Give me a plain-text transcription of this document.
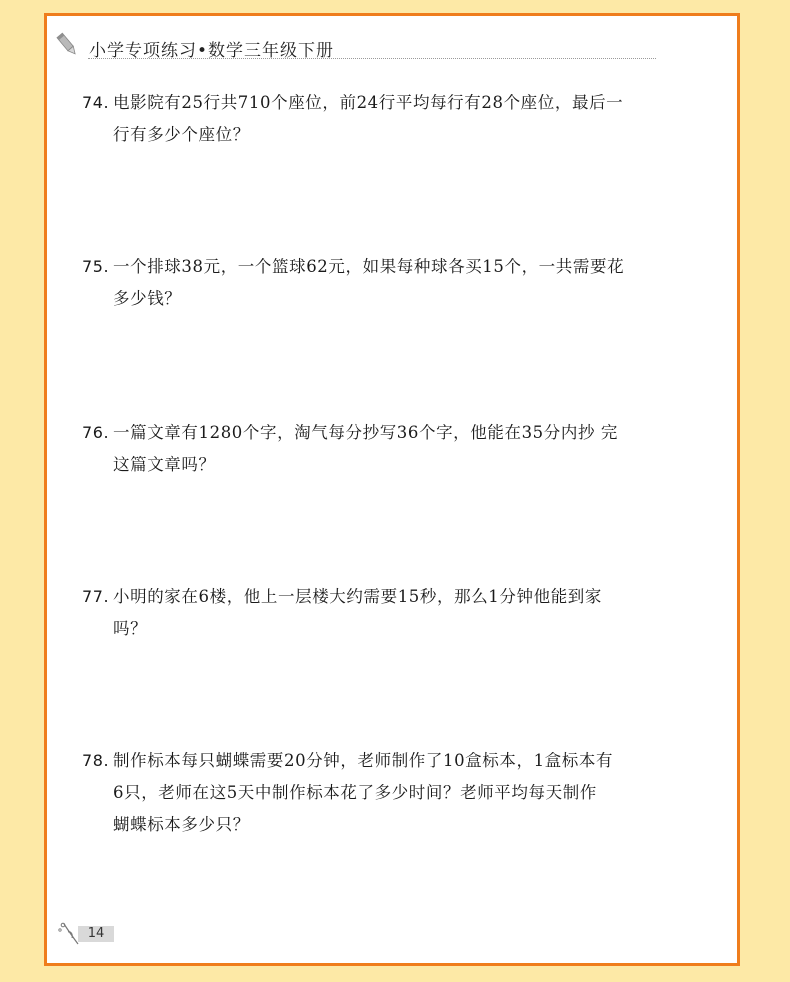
小学专项练习•数学三年级下册
74. 电影院有25行共710个座位，前24行平均每行有28个座位，最后一
行有多少个座位？
75. 一个排球38元，一个篮球62元，如果每种球各买15个，一共需要花
多少钱？
76. 一篇文章有1280个字，淘气每分抄写36个字，他能在35分内抄 完
这篇文章吗？
77. 小明的家在6楼，他上一层楼大约需要15秒，那么1分钟他能到家
吗？
78. 制作标本每只蝴蝶需要20分钟，老师制作了10盒标本，1盒标本有
6只，老师在这5天中制作标本花了多少时间？老师平均每天制作
蝴蝶标本多少只？
14
